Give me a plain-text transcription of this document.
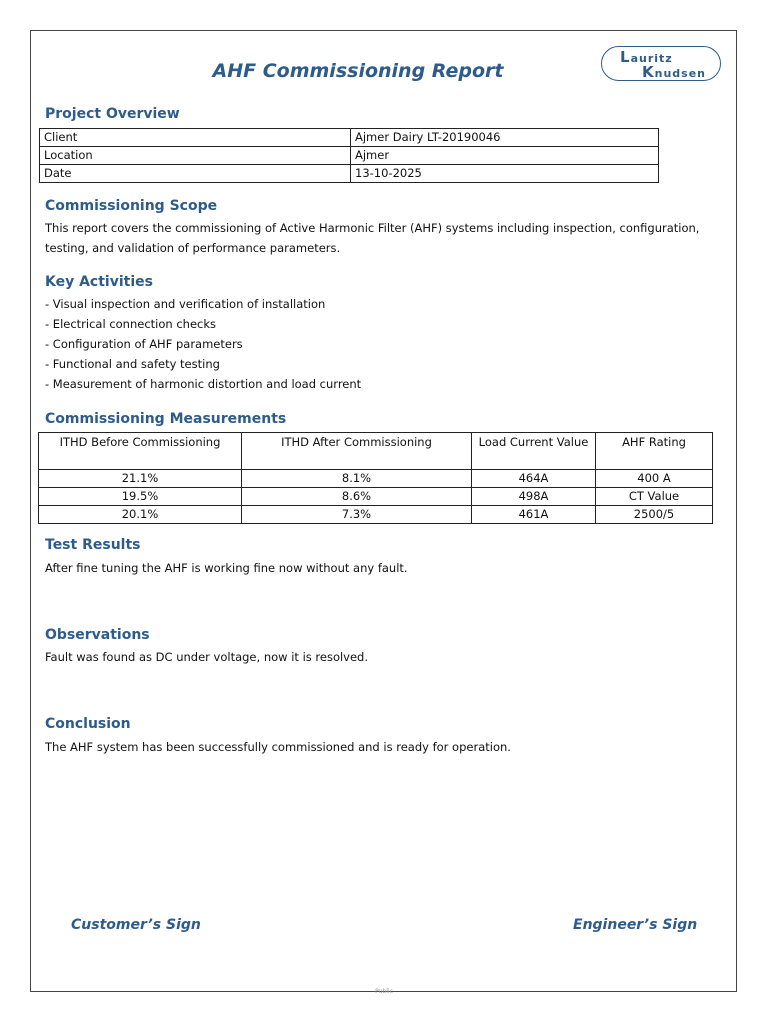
AHF Commissioning Report
Lauritz
Knudsen
Project Overview
Client	Ajmer Dairy LT-20190046
Location	Ajmer
Date	13-10-2025
Commissioning Scope
This report covers the commissioning of Active Harmonic Filter (AHF) systems including inspection, configuration, testing, and validation of performance parameters.
Key Activities
- Visual inspection and verification of installation
- Electrical connection checks
- Configuration of AHF parameters
- Functional and safety testing
- Measurement of harmonic distortion and load current
Commissioning Measurements
ITHD Before Commissioning	ITHD After Commissioning	Load Current Value	AHF Rating
21.1%	8.1%	464A	400 A
19.5%	8.6%	498A	CT Value
20.1%	7.3%	461A	2500/5
Test Results
After fine tuning the AHF is working fine now without any fault.
Observations
Fault was found as DC under voltage, now it is resolved.
Conclusion
The AHF system has been successfully commissioned and is ready for operation.
Customer’s Sign	Engineer’s Sign
Public
